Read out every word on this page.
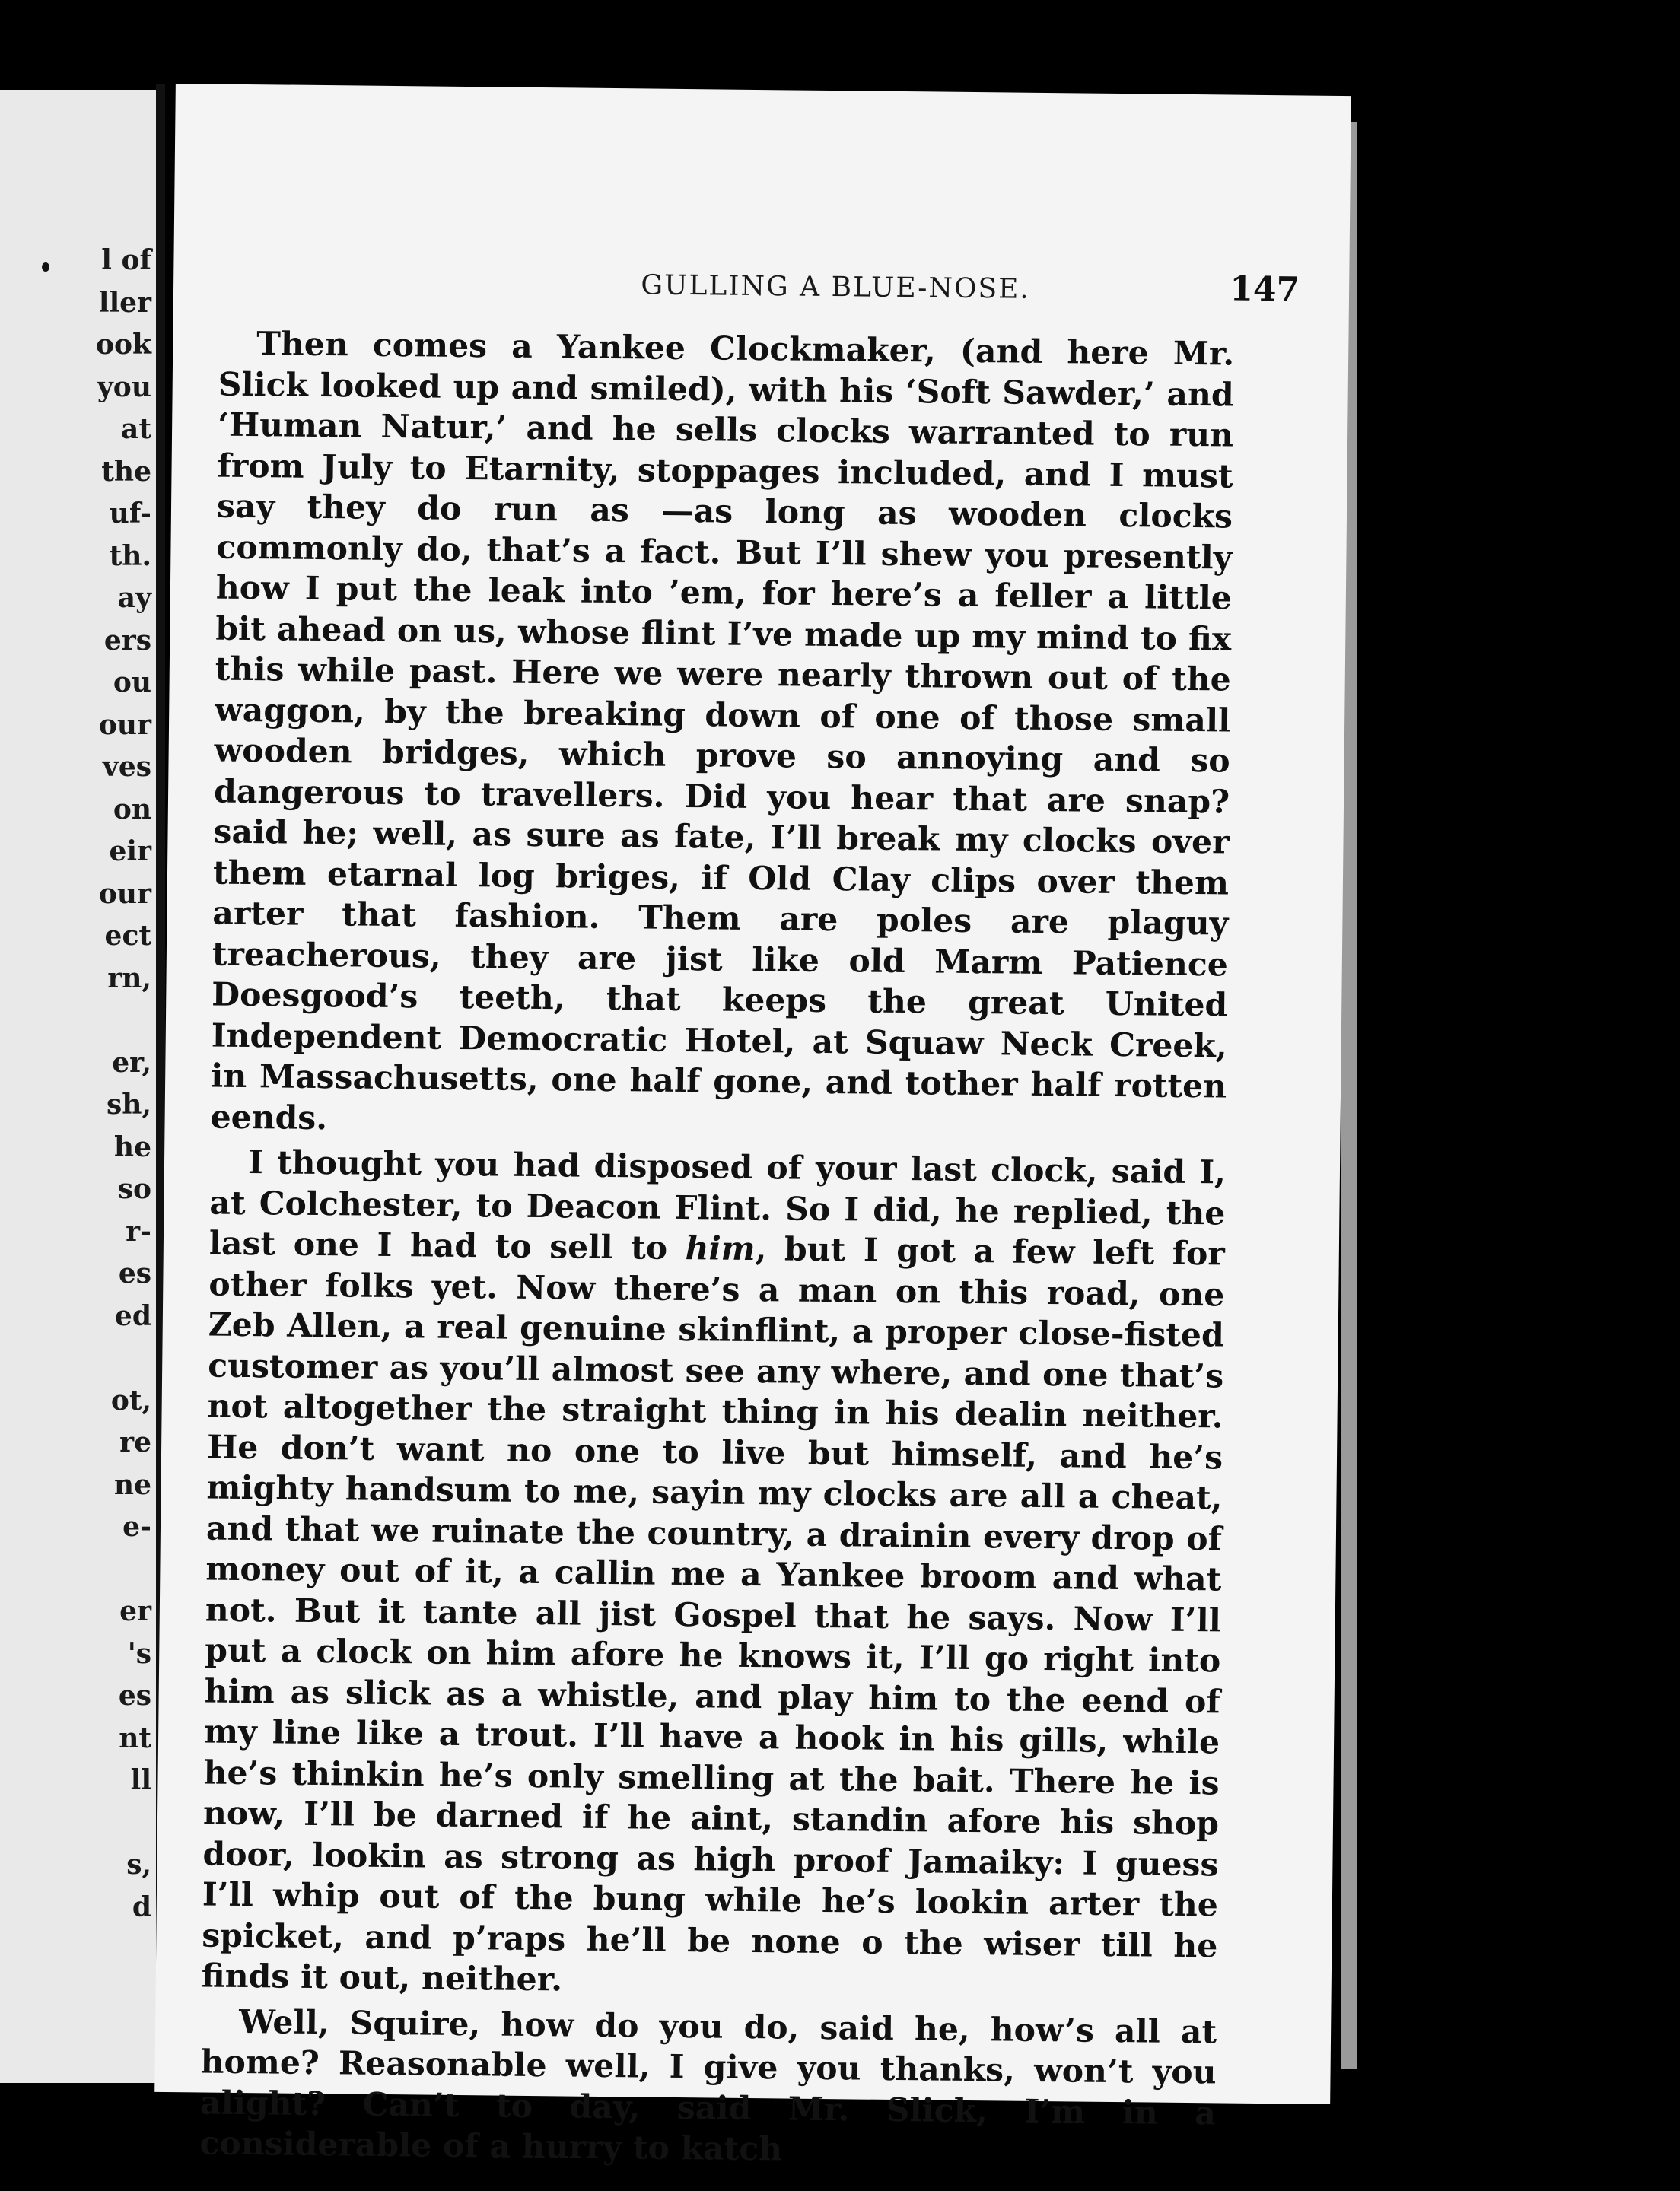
l of
ller
ook
you
at
the
uf-
th.
ay
ers
ou
our
ves
on
eir
our
ect
rn,
er,
sh,
he
so
r-
es
ed
ot,
re
ne
e-
er
's
es
nt
ll
s,
d
GULLING A BLUE-NOSE.	147

Then comes a Yankee Clockmaker, (and here Mr. Slick looked up and smiled), with his ‘Soft Sawder,’ and ‘Human Natur,’ and he sells clocks warranted to run from July to Etarnity, stoppages included, and I must say they do run as —as long as wooden clocks commonly do, that’s a fact. But I’ll shew you presently how I put the leak into ’em, for here’s a feller a little bit ahead on us, whose flint I’ve made up my mind to fix this while past. Here we were nearly thrown out of the waggon, by the breaking down of one of those small wooden bridges, which prove so annoying and so dangerous to travellers. Did you hear that are snap? said he; well, as sure as fate, I’ll break my clocks over them etarnal log briges, if Old Clay clips over them arter that fashion. Them are poles are plaguy treacherous, they are jist like old Marm Patience Doesgood’s teeth, that keeps the great United Independent Democratic Hotel, at Squaw Neck Creek, in Massachusetts, one half gone, and tother half rotten eends.

I thought you had disposed of your last clock, said I, at Colchester, to Deacon Flint. So I did, he replied, the last one I had to sell to him, but I got a few left for other folks yet. Now there’s a man on this road, one Zeb Allen, a real genuine skinflint, a proper close-fisted customer as you’ll almost see any where, and one that’s not altogether the straight thing in his dealin neither. He don’t want no one to live but himself, and he’s mighty handsum to me, sayin my clocks are all a cheat, and that we ruinate the country, a drainin every drop of money out of it, a callin me a Yankee broom and what not. But it tante all jist Gospel that he says. Now I’ll put a clock on him afore he knows it, I’ll go right into him as slick as a whistle, and play him to the eend of my line like a trout. I’ll have a hook in his gills, while he’s thinkin he’s only smelling at the bait. There he is now, I’ll be darned if he aint, standin afore his shop door, lookin as strong as high proof Jamaiky: I guess I’ll whip out of the bung while he’s lookin arter the spicket, and p’raps he’ll be none o the wiser till he finds it out, neither.

Well, Squire, how do you do, said he, how’s all at home? Reasonable well, I give you thanks, won’t you alight? Can’t to day, said Mr. Slick, I’m in a considerable of a hurry to katch
